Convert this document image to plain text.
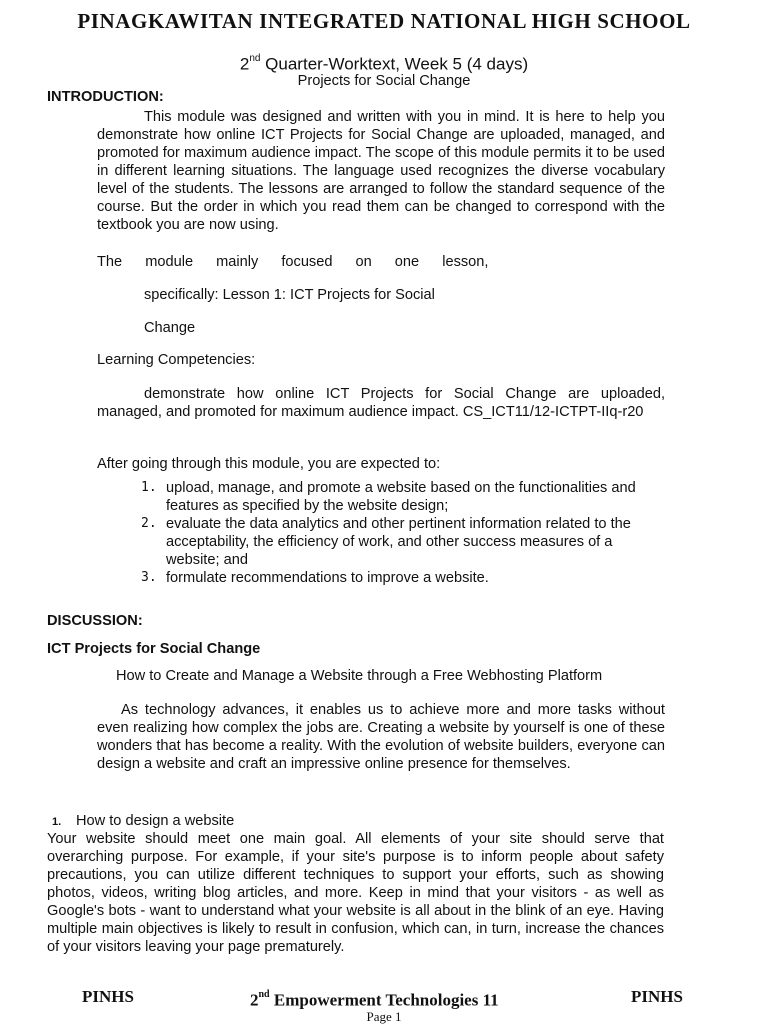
PINAGKAWITAN INTEGRATED NATIONAL HIGH SCHOOL
2nd Quarter-Worktext, Week 5 (4 days)
Projects for Social Change
INTRODUCTION:
This module was designed and written with you in mind. It is here to help you demonstrate how online ICT Projects for Social Change are uploaded, managed, and promoted for maximum audience impact. The scope of this module permits it to be used in different learning situations. The language used recognizes the diverse vocabulary level of the students. The lessons are arranged to follow the standard sequence of the course. But the order in which you read them can be changed to correspond with the textbook you are now using.
The module mainly focused on one lesson,
specifically: Lesson 1: ICT Projects for Social
Change
Learning Competencies:
demonstrate how online ICT Projects for Social Change are uploaded, managed, and promoted for maximum audience impact. CS_ICT11/12-ICTPT-IIq-r20
After going through this module, you are expected to:
1. upload, manage, and promote a website based on the functionalities and features as specified by the website design;
2. evaluate the data analytics and other pertinent information related to the acceptability, the efficiency of work, and other success measures of a website; and
3. formulate recommendations to improve a website.
DISCUSSION:
ICT Projects for Social Change
How to Create and Manage a Website through a Free Webhosting Platform
As technology advances, it enables us to achieve more and more tasks without even realizing how complex the jobs are. Creating a website by yourself is one of these wonders that has become a reality. With the evolution of website builders, everyone can design a website and craft an impressive online presence for themselves.
1. How to design a website
Your website should meet one main goal. All elements of your site should serve that overarching purpose. For example, if your site's purpose is to inform people about safety precautions, you can utilize different techniques to support your efforts, such as showing photos, videos, writing blog articles, and more. Keep in mind that your visitors - as well as Google's bots - want to understand what your website is all about in the blink of an eye. Having multiple main objectives is likely to result in confusion, which can, in turn, increase the chances of your visitors leaving your page prematurely.
PINHS	2nd Empowerment Technologies 11	PINHS
Page 1
